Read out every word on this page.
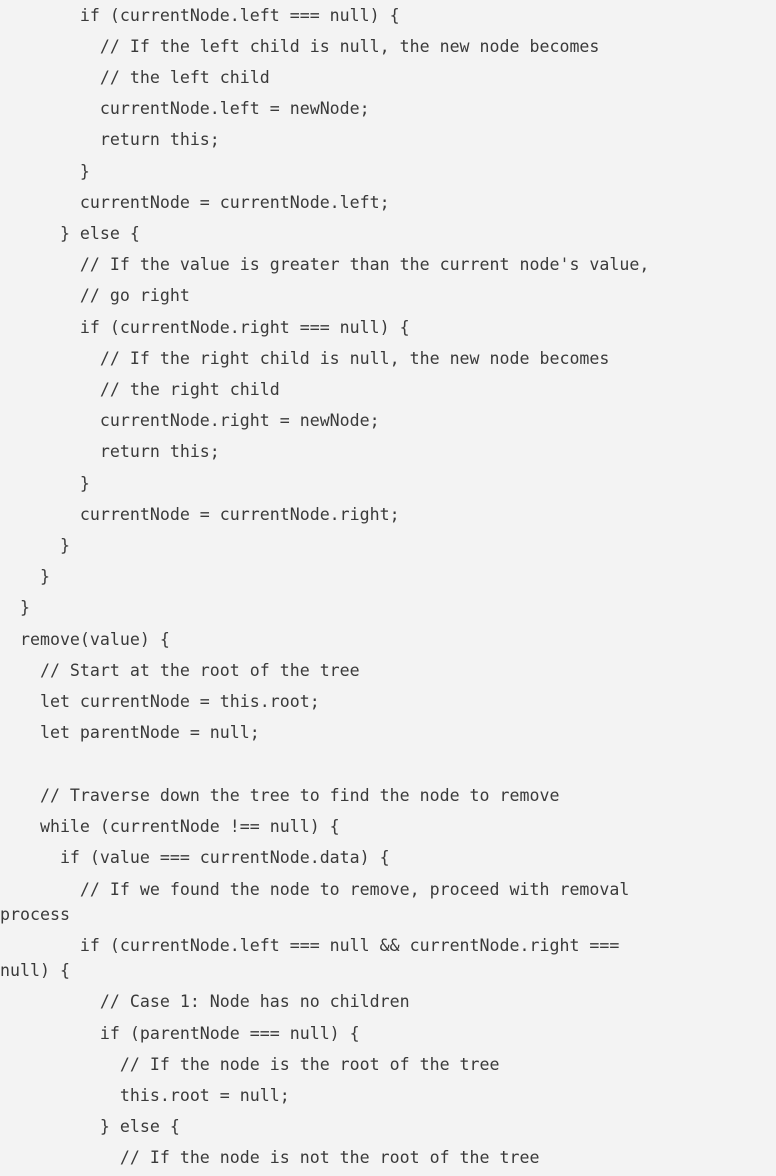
if (currentNode.left === null) {
// If the left child is null, the new node becomes
// the left child
currentNode.left = newNode;
return this;
}
currentNode = currentNode.left;
} else {
// If the value is greater than the current node's value,
// go right
if (currentNode.right === null) {
// If the right child is null, the new node becomes
// the right child
currentNode.right = newNode;
return this;
}
currentNode = currentNode.right;
}
}
}
remove(value) {
// Start at the root of the tree
let currentNode = this.root;
let parentNode = null;
// Traverse down the tree to find the node to remove
while (currentNode !== null) {
if (value === currentNode.data) {
// If we found the node to remove, proceed with removal
process
if (currentNode.left === null && currentNode.right ===
null) {
// Case 1: Node has no children
if (parentNode === null) {
// If the node is the root of the tree
this.root = null;
} else {
// If the node is not the root of the tree
